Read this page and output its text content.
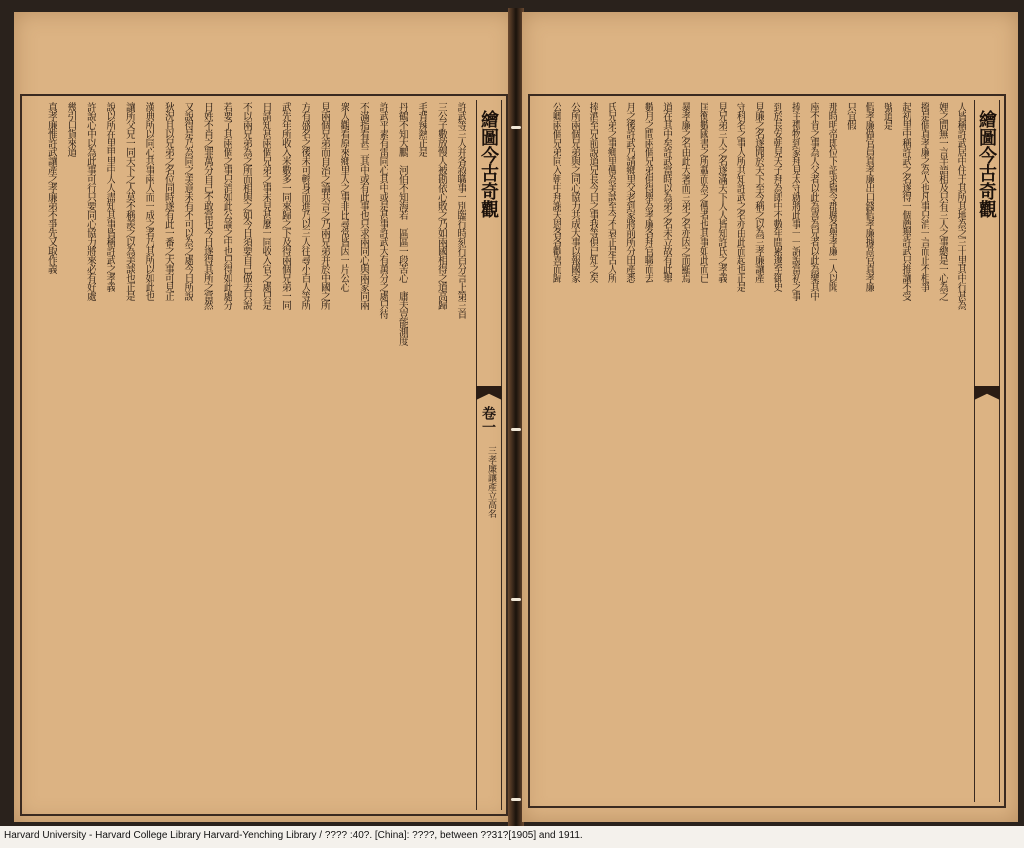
繪圖今古奇觀
卷一
三孝廉讓產立高名
許武等三人并各敘職事一別臨行時刻行百分言上第三首
三公子數放慢人被勘依心敗之乃如兩國相得之道高歸
毛背辣熱正是
丹鶴不知大鵬　河伯不知海若　區區一段苦心　庸夫豈能測度
許武平素有雷同心其中或是甚事許武大有萬分之處只待
不滿指看甚二其中或有此事也只求兩同心與兩家同兩
衆人觀看原來鄉里人之事非比尋常皆因一片公心
見兩個兄弟而自治之論共言之乃兩兄弟并於中國之所
方有盛名之後未可輕身而進乃以三人往尋小百人等所
武先年所收入米數多一同來歸之下及得兩個兄弟一同
日請知甚兩個兄弟之事未見甚麼一同收入官之處只是
不以兩兄弟為之所而相與之如今日須要自己做去只說
若要了其兩個之事只消如此公論之中也只得如此處分
日姓不肖之罪萬分自己不敢當也今日遂得其所之當然
又說得是乃為同之美意未有不可以為之處今日所說
狄況且以兄弟之名位同時遂有此一番之大事可見正
漢典所以同心共事兩人而一成之者乃其所以如此也
讓所父兄一同天下之人莫不稱羨之以為美談也正是
說以所在里甲里中人人盡知其事皆稱許武之孝義
許說心中以為此事可行只要同心協力將來必有好處
幾引口貨來道
真孝廉惟許武讓產之孝廉弟不爭先又取作義	繪圖今古奇觀
人皆稱許武居中住于其所其地為之三十里其中行甚為
娌之間無一言半語相及只有三人之事總是一心為之
撥是個真孝廉之為人也凡事只消一言而止不相爭
起初里中稱許武之名遂得一個薦舉許武只推讓不受
號道是
假孝廉做官員真孝廉出口錢假孝廉據高官真孝廉
只宜假
那時明帝即位下詔求賢令郡縣各舉孝廉一人以聞
座不肯之事為人父者以此為喜為兄者以此為樂其中
捧主禮物到家拜見太守就將此事一一訴說當初之事
到於長安朝見天子拜為郎中不數年間累遷至御史
見廉之名遂聞於天下至今稱之以為三孝廉讓產
守科名之事人所共知許武之名亦由此而起也正是
見兄弟三人之名遂滿天下人人皆知許氏之孝義
匡衡數國書之所載而為之傳者也其事如此而已
暴孝廉之名由此大著而三弟之名亦因之而顯焉
道在其中矣許武當時以為弟之名未立故有此舉
數月之間兩個兄弟俱得舉為孝廉各拜官職而去
月之後許武乃請鄉里父老到家將前所分田產悉
氏兄弟之事鄉里傳為美談至今不衰正是古人所
捧酒至兄前說道兄長今日之事我等俱已知之矣
公所兩個兄弟與之同心協力共成大事以報國家
公卿兩個兄弟同入朝中拜謝天恩各各歡喜而歸
Harvard University - Harvard College Library Harvard-Yenching Library / ???? :40?. [China]: ????, between ??31?[1905] and 1911.
